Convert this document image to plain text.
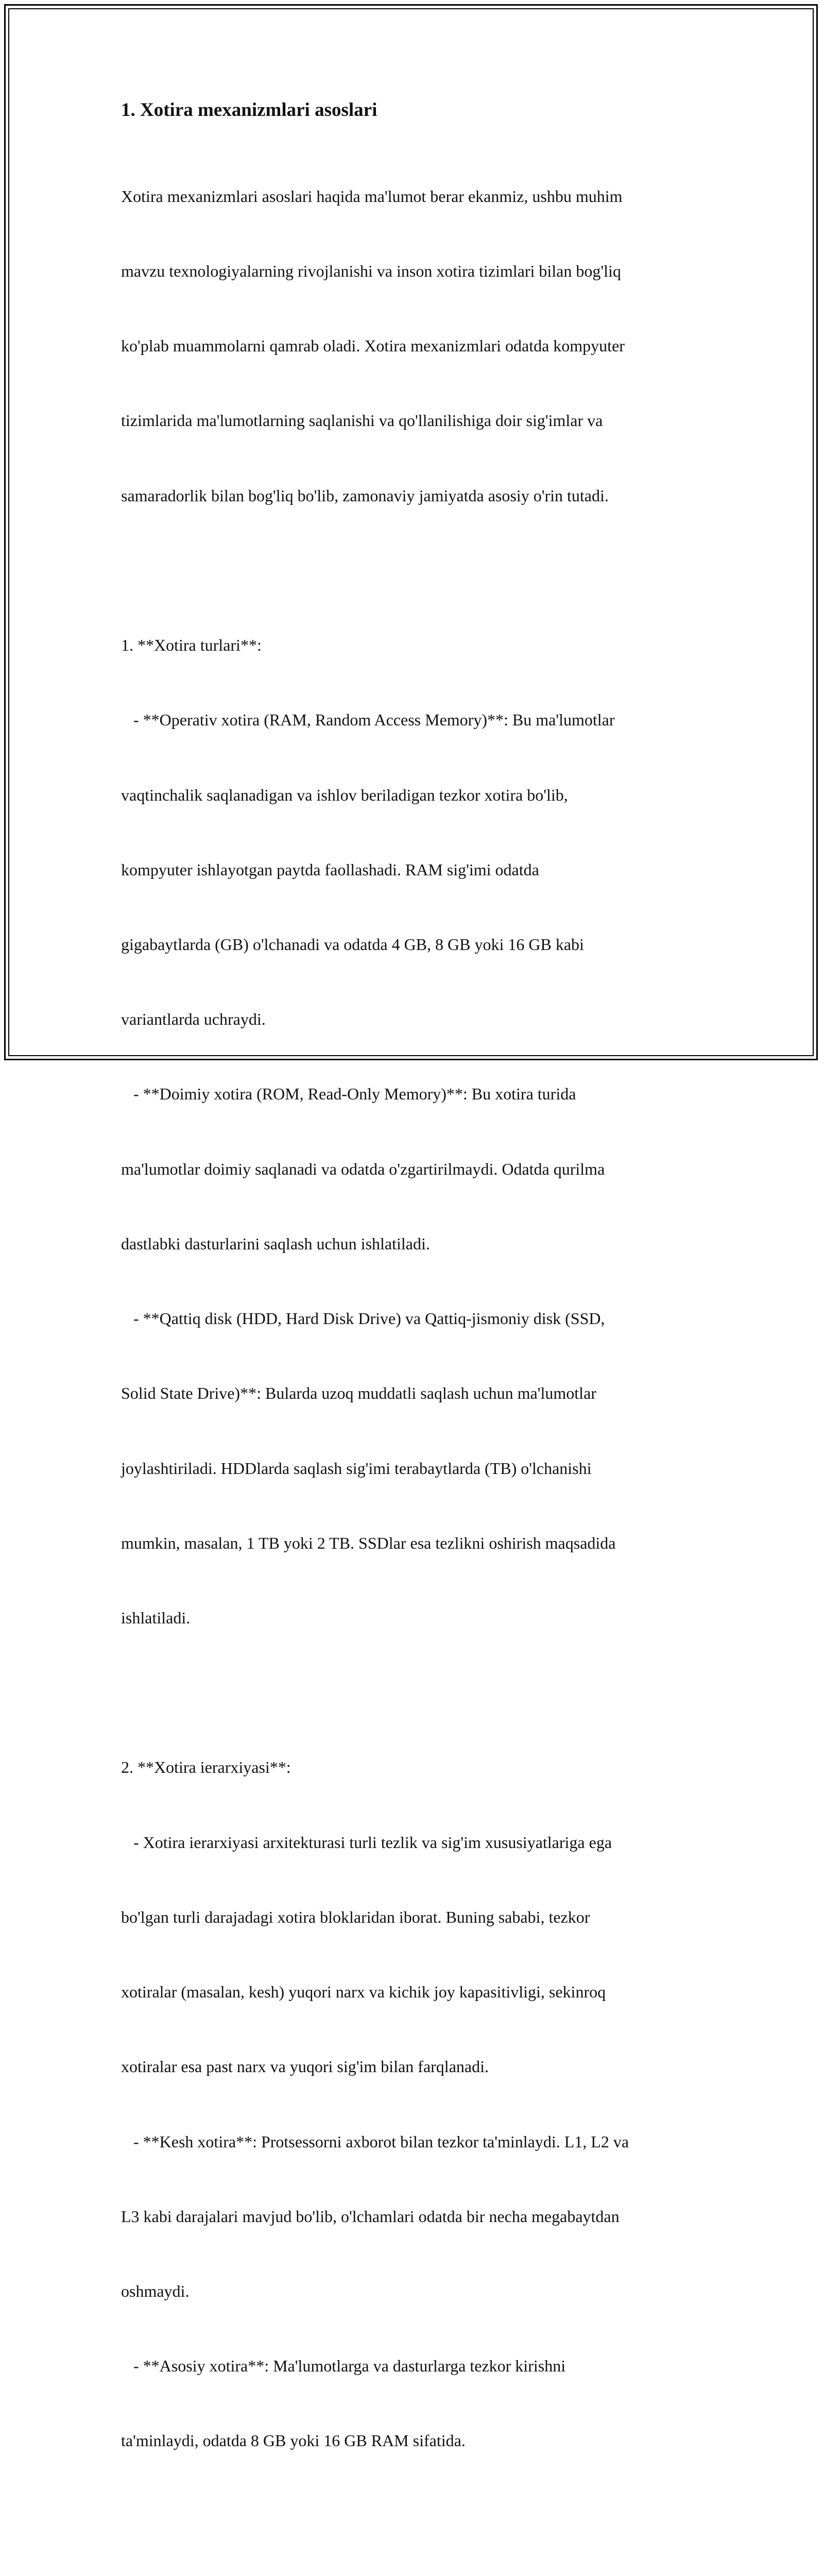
1. Xotira mexanizmlari asoslari

Xotira mexanizmlari asoslari haqida ma'lumot berar ekanmiz, ushbu muhim

mavzu texnologiyalarning rivojlanishi va inson xotira tizimlari bilan bog'liq

ko'plab muammolarni qamrab oladi. Xotira mexanizmlari odatda kompyuter

tizimlarida ma'lumotlarning saqlanishi va qo'llanilishiga doir sig'imlar va

samaradorlik bilan bog'liq bo'lib, zamonaviy jamiyatda asosiy o'rin tutadi.

1. **Xotira turlari**:

- **Operativ xotira (RAM, Random Access Memory)**: Bu ma'lumotlar

vaqtinchalik saqlanadigan va ishlov beriladigan tezkor xotira bo'lib,

kompyuter ishlayotgan paytda faollashadi. RAM sig'imi odatda

gigabaytlarda (GB) o'lchanadi va odatda 4 GB, 8 GB yoki 16 GB kabi

variantlarda uchraydi.

- **Doimiy xotira (ROM, Read-Only Memory)**: Bu xotira turida

ma'lumotlar doimiy saqlanadi va odatda o'zgartirilmaydi. Odatda qurilma

dastlabki dasturlarini saqlash uchun ishlatiladi.

- **Qattiq disk (HDD, Hard Disk Drive) va Qattiq-jismoniy disk (SSD,

Solid State Drive)**: Bularda uzoq muddatli saqlash uchun ma'lumotlar

joylashtiriladi. HDDlarda saqlash sig'imi terabaytlarda (TB) o'lchanishi

mumkin, masalan, 1 TB yoki 2 TB. SSDlar esa tezlikni oshirish maqsadida

ishlatiladi.

2. **Xotira ierarxiyasi**:

- Xotira ierarxiyasi arxitekturasi turli tezlik va sig'im xususiyatlariga ega

bo'lgan turli darajadagi xotira bloklaridan iborat. Buning sababi, tezkor

xotiralar (masalan, kesh) yuqori narx va kichik joy kapasitivligi, sekinroq

xotiralar esa past narx va yuqori sig'im bilan farqlanadi.

- **Kesh xotira**: Protsessorni axborot bilan tezkor ta'minlaydi. L1, L2 va

L3 kabi darajalari mavjud bo'lib, o'lchamlari odatda bir necha megabaytdan

oshmaydi.

- **Asosiy xotira**: Ma'lumotlarga va dasturlarga tezkor kirishni

ta'minlaydi, odatda 8 GB yoki 16 GB RAM sifatida.
